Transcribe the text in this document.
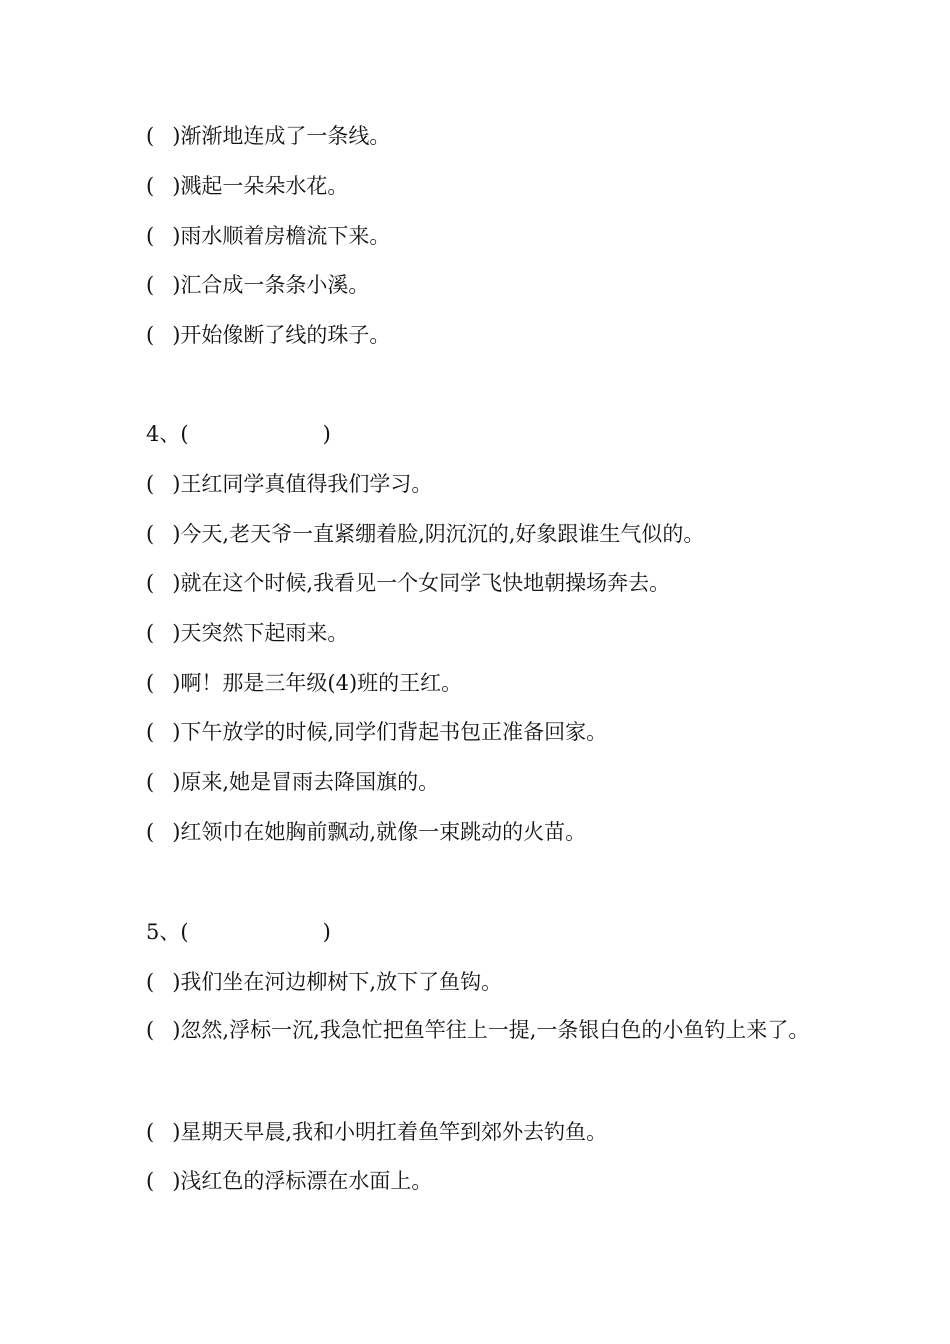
( )渐渐地连成了一条线。
( )溅起一朵朵水花。
( )雨水顺着房檐流下来。
( )汇合成一条条小溪。
( )开始像断了线的珠子。
4、(	)
( )王红同学真值得我们学习。
( )今天,老天爷一直紧绷着脸,阴沉沉的,好象跟谁生气似的。
( )就在这个时候,我看见一个女同学飞快地朝操场奔去。
( )天突然下起雨来。
( )啊！那是三年级(4)班的王红。
( )下午放学的时候,同学们背起书包正准备回家。
( )原来,她是冒雨去降国旗的。
( )红领巾在她胸前飘动,就像一束跳动的火苗。
5、(	)
( )我们坐在河边柳树下,放下了鱼钩。
( )忽然,浮标一沉,我急忙把鱼竿往上一提,一条银白色的小鱼钓上来了。
( )星期天早晨,我和小明扛着鱼竿到郊外去钓鱼。
( )浅红色的浮标漂在水面上。
